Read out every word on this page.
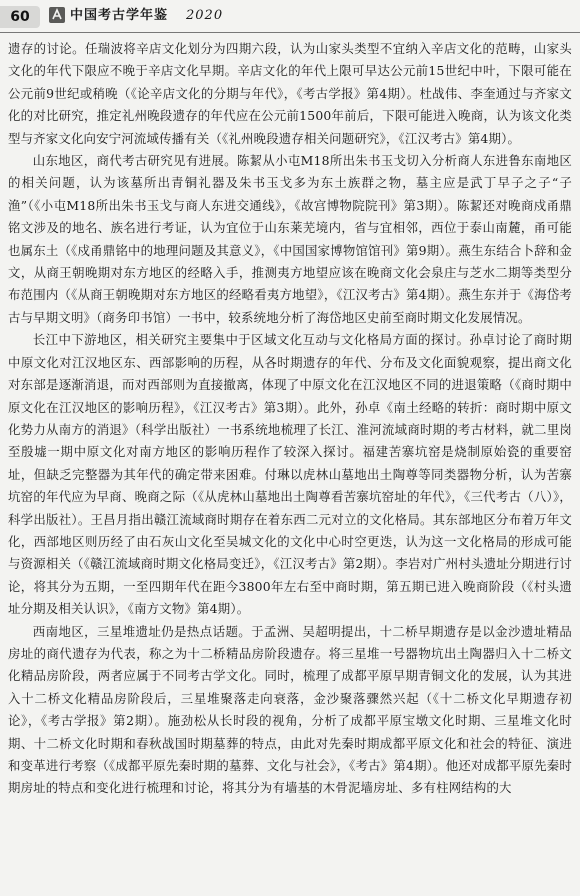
60	中国考古学年鉴 2020

遗存的讨论。任瑞波将辛店文化划分为四期六段，认为山家头类型不宜纳入辛店文化的范畴，山家头文化的年代下限应不晚于辛店文化早期。辛店文化的年代上限可早达公元前15世纪中叶，下限可能在公元前9世纪或稍晚（《论辛店文化的分期与年代》，《考古学报》第4期）。杜战伟、李奎通过与齐家文化的对比研究，推定礼州晚段遗存的年代应在公元前1500年前后，下限可能进入晚商，认为该文化类型与齐家文化向安宁河流域传播有关（《礼州晚段遗存相关问题研究》，《江汉考古》第4期）。

山东地区，商代考古研究见有进展。陈絜从小屯M18所出朱书玉戈切入分析商人东进鲁东南地区的相关问题，认为该墓所出青铜礼器及朱书玉戈多为东土族群之物，墓主应是武丁早子之子“子渔”（《小屯M18所出朱书玉戈与商人东进交通线》，《故宫博物院院刊》第3期）。陈絜还对晚商戍甬鼎铭文涉及的地名、族名进行考证，认为宜位于山东莱芜境内，省与宜相邻，西位于泰山南麓，甬可能也属东土（《戍甬鼎铭中的地理问题及其意义》，《中国国家博物馆馆刊》第9期）。燕生东结合卜辞和金文，从商王朝晚期对东方地区的经略入手，推测夷方地望应该在晚商文化会泉庄与芝水二期等类型分布范围内（《从商王朝晚期对东方地区的经略看夷方地望》，《江汉考古》第4期）。燕生东并于《海岱考古与早期文明》（商务印书馆）一书中，较系统地分析了海岱地区史前至商时期文化发展情况。

长江中下游地区，相关研究主要集中于区域文化互动与文化格局方面的探讨。孙卓讨论了商时期中原文化对江汉地区东、西部影响的历程，从各时期遗存的年代、分布及文化面貌观察，提出商文化对东部是逐渐消退，而对西部则为直接撤离，体现了中原文化在江汉地区不同的进退策略（《商时期中原文化在江汉地区的影响历程》，《江汉考古》第3期）。此外，孙卓《南土经略的转折：商时期中原文化势力从南方的消退》（科学出版社）一书系统地梳理了长江、淮河流域商时期的考古材料，就二里岗至殷墟一期中原文化对南方地区的影响历程作了较深入探讨。福建苦寨坑窑是烧制原始瓷的重要窑址，但缺乏完整器为其年代的确定带来困难。付琳以虎林山墓地出土陶尊等同类器物分析，认为苦寨坑窑的年代应为早商、晚商之际（《从虎林山墓地出土陶尊看苦寨坑窑址的年代》，《三代考古（八）》，科学出版社）。王昌月指出赣江流域商时期存在着东西二元对立的文化格局。其东部地区分布着万年文化，西部地区则历经了由石灰山文化至吴城文化的文化中心时空更迭，认为这一文化格局的形成可能与资源相关（《赣江流域商时期文化格局变迁》，《江汉考古》第2期）。李岩对广州村头遗址分期进行讨论，将其分为五期，一至四期年代在距今3800年左右至中商时期，第五期已进入晚商阶段（《村头遗址分期及相关认识》，《南方文物》第4期）。

西南地区，三星堆遗址仍是热点话题。于孟洲、吴超明提出，十二桥早期遗存是以金沙遗址精品房址的商代遗存为代表，称之为十二桥精品房阶段遗存。将三星堆一号器物坑出土陶器归入十二桥文化精品房阶段，两者应属于不同考古学文化。同时，梳理了成都平原早期青铜文化的发展，认为其进入十二桥文化精品房阶段后，三星堆聚落走向衰落，金沙聚落骤然兴起（《十二桥文化早期遗存初论》，《考古学报》第2期）。施劲松从长时段的视角，分析了成都平原宝墩文化时期、三星堆文化时期、十二桥文化时期和春秋战国时期墓葬的特点，由此对先秦时期成都平原文化和社会的特征、演进和变革进行考察（《成都平原先秦时期的墓葬、文化与社会》，《考古》第4期）。他还对成都平原先秦时期房址的特点和变化进行梳理和讨论，将其分为有墙基的木骨泥墙房址、多有柱网结构的大
